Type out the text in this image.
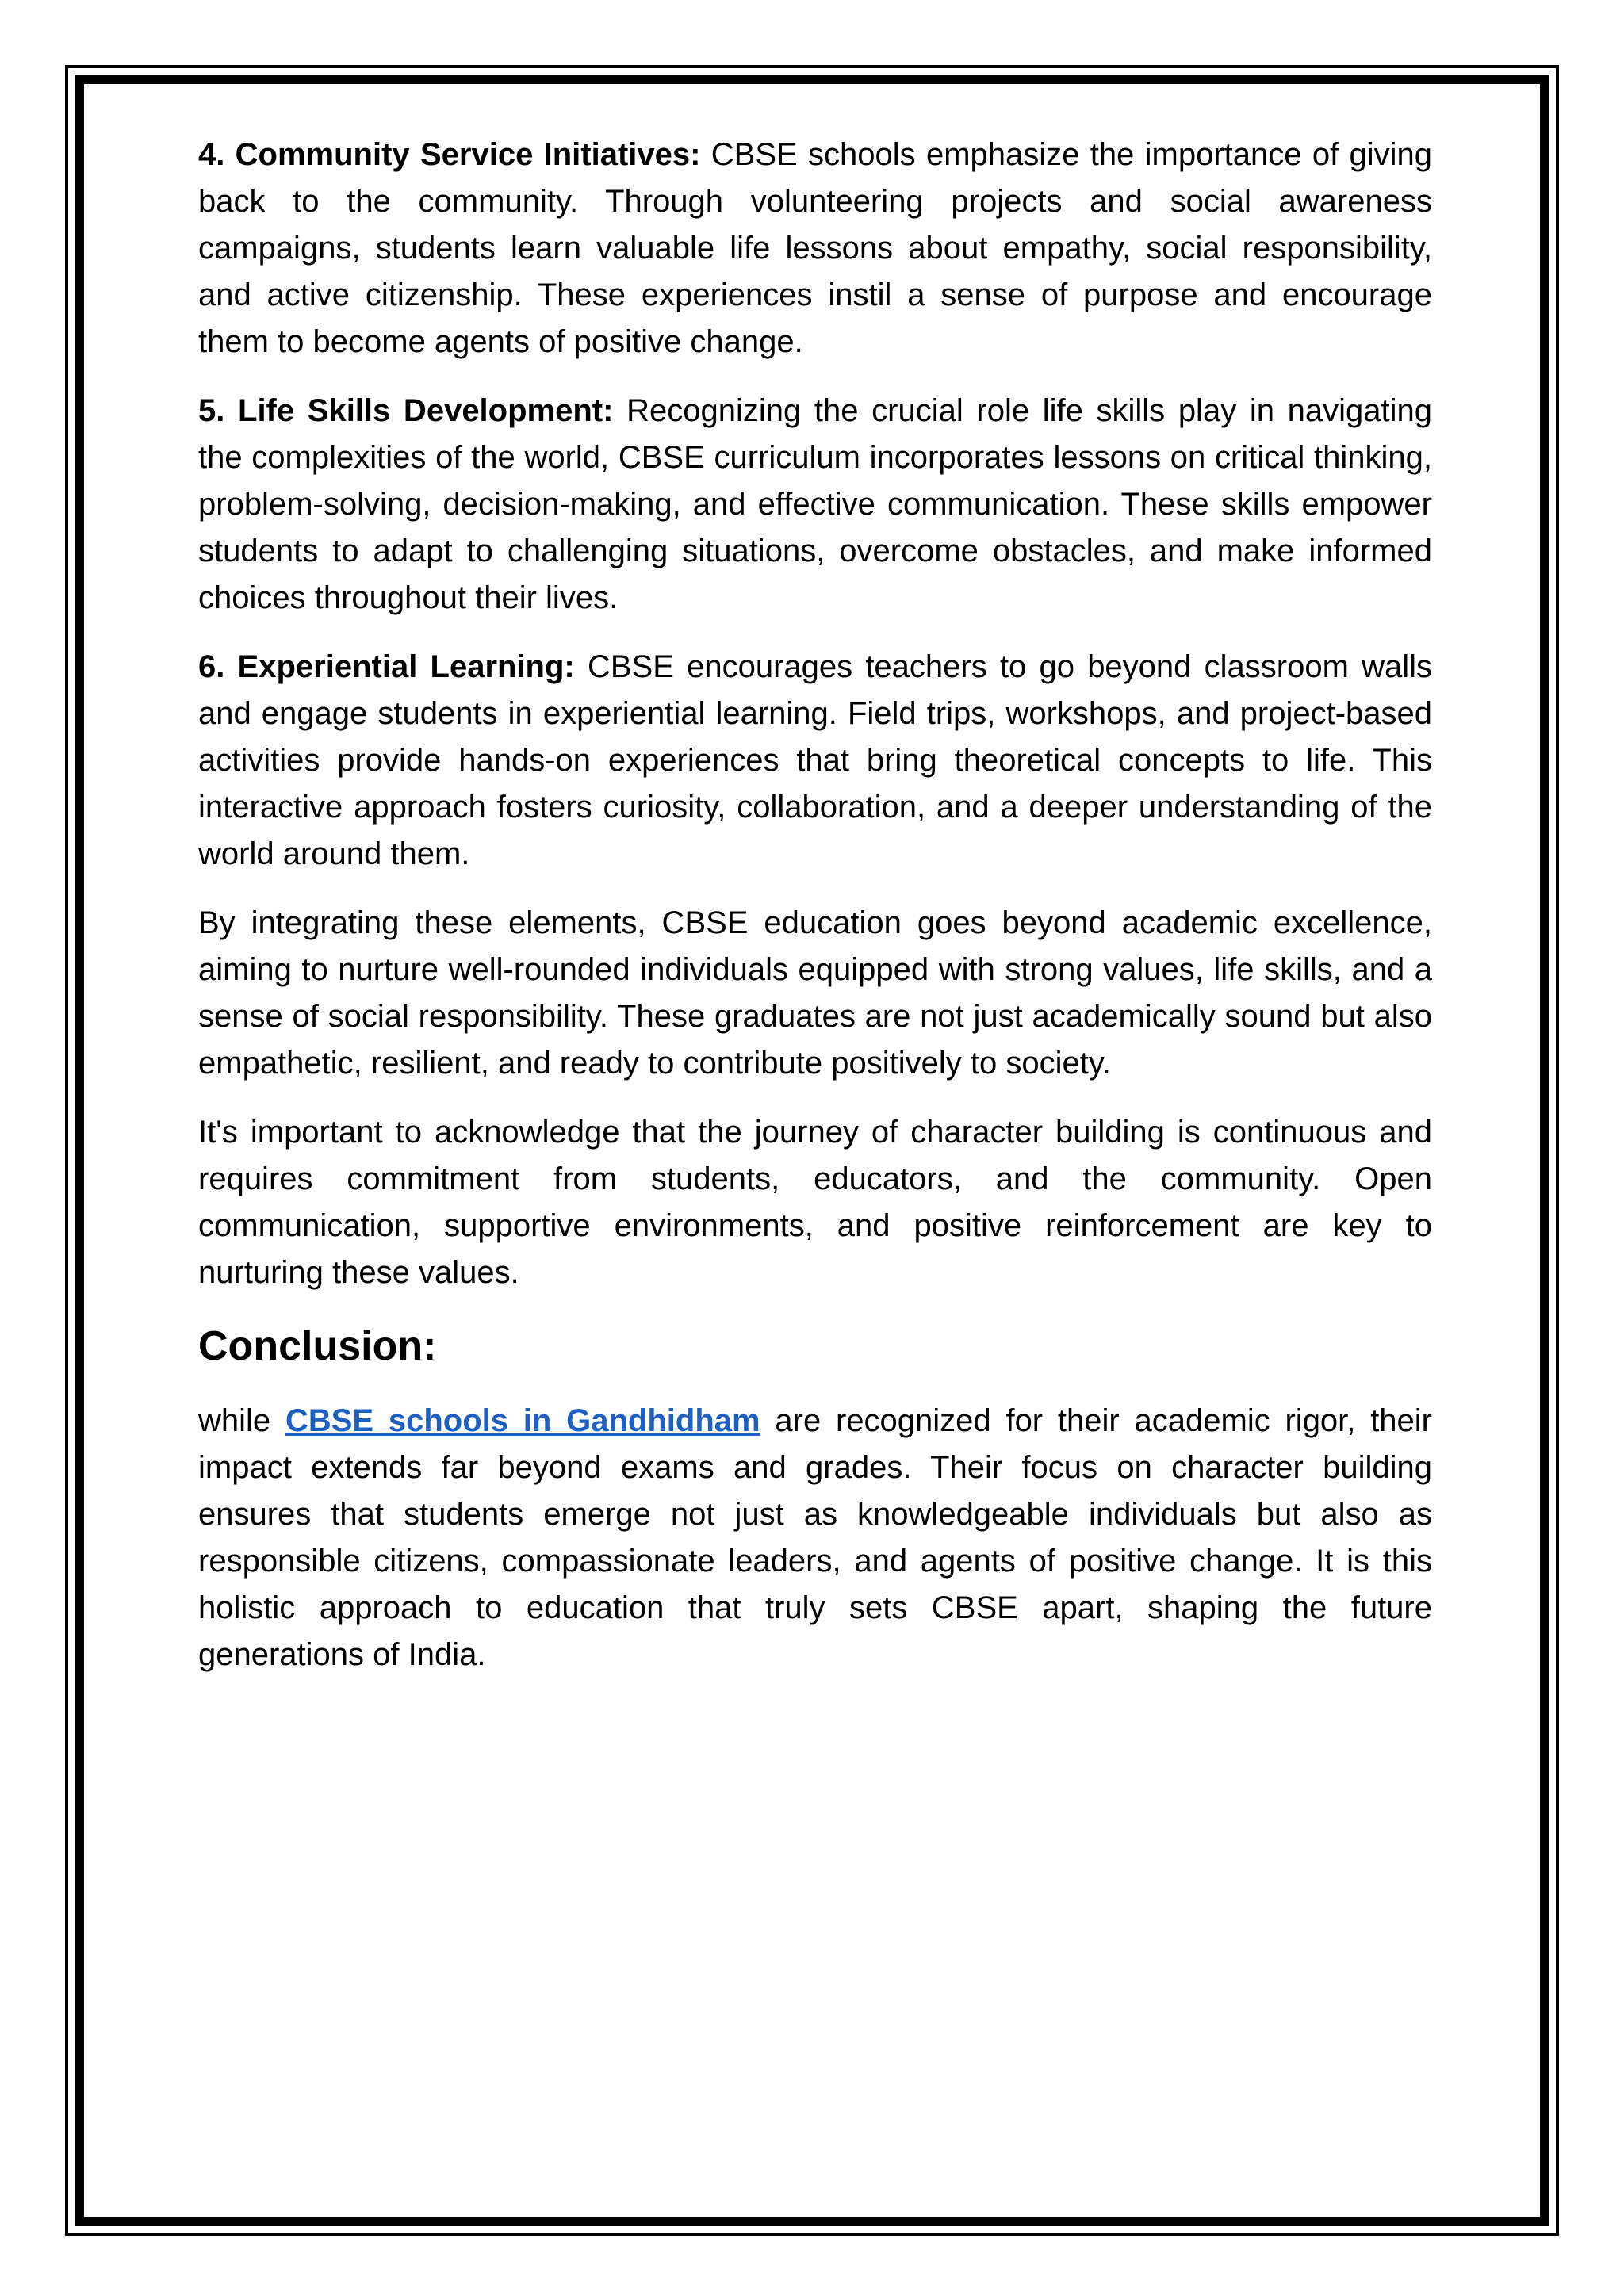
4. Community Service Initiatives: CBSE schools emphasize the importance of giving back to the community. Through volunteering projects and social awareness campaigns, students learn valuable life lessons about empathy, social responsibility, and active citizenship. These experiences instil a sense of purpose and encourage them to become agents of positive change.

5. Life Skills Development: Recognizing the crucial role life skills play in navigating the complexities of the world, CBSE curriculum incorporates lessons on critical thinking, problem-solving, decision-making, and effective communication. These skills empower students to adapt to challenging situations, overcome obstacles, and make informed choices throughout their lives.

6. Experiential Learning: CBSE encourages teachers to go beyond classroom walls and engage students in experiential learning. Field trips, workshops, and project-based activities provide hands-on experiences that bring theoretical concepts to life. This interactive approach fosters curiosity, collaboration, and a deeper understanding of the world around them.

By integrating these elements, CBSE education goes beyond academic excellence, aiming to nurture well-rounded individuals equipped with strong values, life skills, and a sense of social responsibility. These graduates are not just academically sound but also empathetic, resilient, and ready to contribute positively to society.

It's important to acknowledge that the journey of character building is continuous and requires commitment from students, educators, and the community. Open communication, supportive environments, and positive reinforcement are key to nurturing these values.

Conclusion:

while CBSE schools in Gandhidham are recognized for their academic rigor, their impact extends far beyond exams and grades. Their focus on character building ensures that students emerge not just as knowledgeable individuals but also as responsible citizens, compassionate leaders, and agents of positive change. It is this holistic approach to education that truly sets CBSE apart, shaping the future generations of India.
